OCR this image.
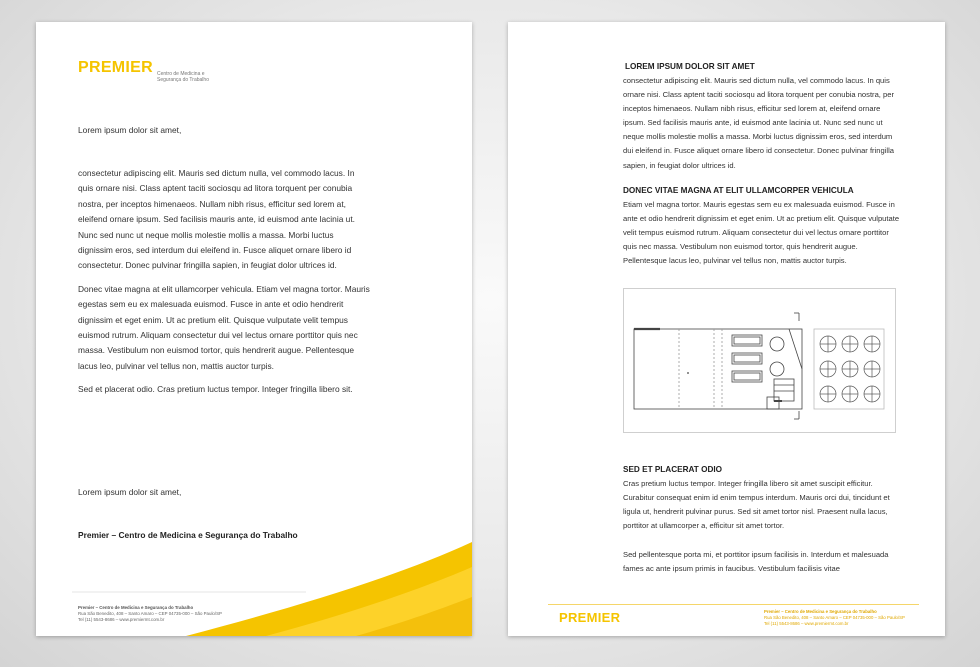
PREMIER Centro de Medicina e
Segurança do Trabalho
Lorem ipsum dolor sit amet,

consectetur adipiscing elit. Mauris sed dictum nulla, vel commodo lacus. In quis ornare nisi. Class aptent taciti sociosqu ad litora torquent per conubia nostra, per inceptos himenaeos. Nullam nibh risus, efficitur sed lorem at, eleifend ornare ipsum. Sed facilisis mauris ante, id euismod ante lacinia ut. Nunc sed nunc ut neque mollis molestie mollis a massa. Morbi luctus dignissim eros, sed interdum dui eleifend in. Fusce aliquet ornare libero id consectetur. Donec pulvinar fringilla sapien, in feugiat dolor ultrices id.

Donec vitae magna at elit ullamcorper vehicula. Etiam vel magna tortor. Mauris egestas sem eu ex malesuada euismod. Fusce in ante et odio hendrerit dignissim et eget enim. Ut ac pretium elit. Quisque vulputate velit tempus euismod rutrum. Aliquam consectetur dui vel lectus ornare porttitor quis nec massa. Vestibulum non euismod tortor, quis hendrerit augue. Pellentesque lacus leo, pulvinar vel tellus non, mattis auctor turpis.

Sed et placerat odio. Cras pretium luctus tempor. Integer fringilla libero sit.

Lorem ipsum dolor sit amet,
Premier – Centro de Medicina e Segurança do Trabalho
Premier – Centro de Medicina e Segurança do Trabalho
Rua São Benedito, 408 – Santo Amaro – CEP 04735-000 – São Paulo/SP
Tel (11) 5543-8686 – www.premiermt.com.br
LOREM IPSUM DOLOR SIT AMET

consectetur adipiscing elit. Mauris sed dictum nulla, vel commodo lacus. In quis ornare nisi. Class aptent taciti sociosqu ad litora torquent per conubia nostra, per inceptos himenaeos. Nullam nibh risus, efficitur sed lorem at, eleifend ornare ipsum. Sed facilisis mauris ante, id euismod ante lacinia ut. Nunc sed nunc ut neque mollis molestie mollis a massa. Morbi luctus dignissim eros, sed interdum dui eleifend in. Fusce aliquet ornare libero id consectetur. Donec pulvinar fringilla sapien, in feugiat dolor ultrices id.

DONEC VITAE MAGNA AT ELIT ULLAMCORPER VEHICULA

Etiam vel magna tortor. Mauris egestas sem eu ex malesuada euismod. Fusce in ante et odio hendrerit dignissim et eget enim. Ut ac pretium elit. Quisque vulputate velit tempus euismod rutrum. Aliquam consectetur dui vel lectus ornare porttitor quis nec massa. Vestibulum non euismod tortor, quis hendrerit augue. Pellentesque lacus leo, pulvinar vel tellus non, mattis auctor turpis.

SED ET PLACERAT ODIO

Cras pretium luctus tempor. Integer fringilla libero sit amet suscipit efficitur. Curabitur consequat enim id enim tempus interdum. Mauris orci dui, tincidunt et ligula ut, hendrerit pulvinar purus. Sed sit amet tortor nisl. Praesent nulla lacus, porttitor at ullamcorper a, efficitur sit amet tortor.

Sed pellentesque porta mi, et porttitor ipsum facilisis in. Interdum et malesuada fames ac ante ipsum primis in faucibus. Vestibulum facilisis vitae
PREMIER	Premier – Centro de Medicina e Segurança do Trabalho
Rua São Benedito, 408 – Santo Amaro – CEP 04735-000 – São Paulo/SP
Tel (11) 5543-8686 – www.premiermt.com.br
